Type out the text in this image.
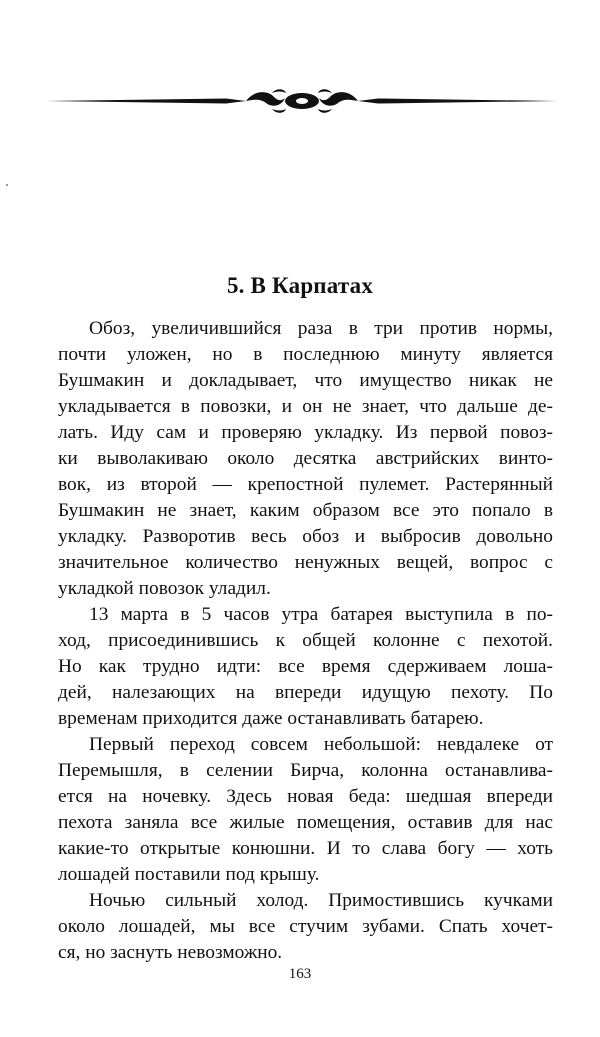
5. В Карпатах
Обоз, увеличившийся раза в три против нормы,
почти уложен, но в последнюю минуту является
Бушмакин и докладывает, что имущество никак не
укладывается в повозки, и он не знает, что дальше де-
лать. Иду сам и проверяю укладку. Из первой повоз-
ки выволакиваю около десятка австрийских винто-
вок, из второй — крепостной пулемет. Растерянный
Бушмакин не знает, каким образом все это попало в
укладку. Разворотив весь обоз и выбросив довольно
значительное количество ненужных вещей, вопрос с
укладкой повозок уладил.
13 марта в 5 часов утра батарея выступила в по-
ход, присоединившись к общей колонне с пехотой.
Но как трудно идти: все время сдерживаем лоша-
дей, налезающих на впереди идущую пехоту. По
временам приходится даже останавливать батарею.
Первый переход совсем небольшой: невдалеке от
Перемышля, в селении Бирча, колонна останавлива-
ется на ночевку. Здесь новая беда: шедшая впереди
пехота заняла все жилые помещения, оставив для нас
какие-то открытые конюшни. И то слава богу — хоть
лошадей поставили под крышу.
Ночью сильный холод. Примостившись кучками
около лошадей, мы все стучим зубами. Спать хочет-
ся, но заснуть невозможно.
163
